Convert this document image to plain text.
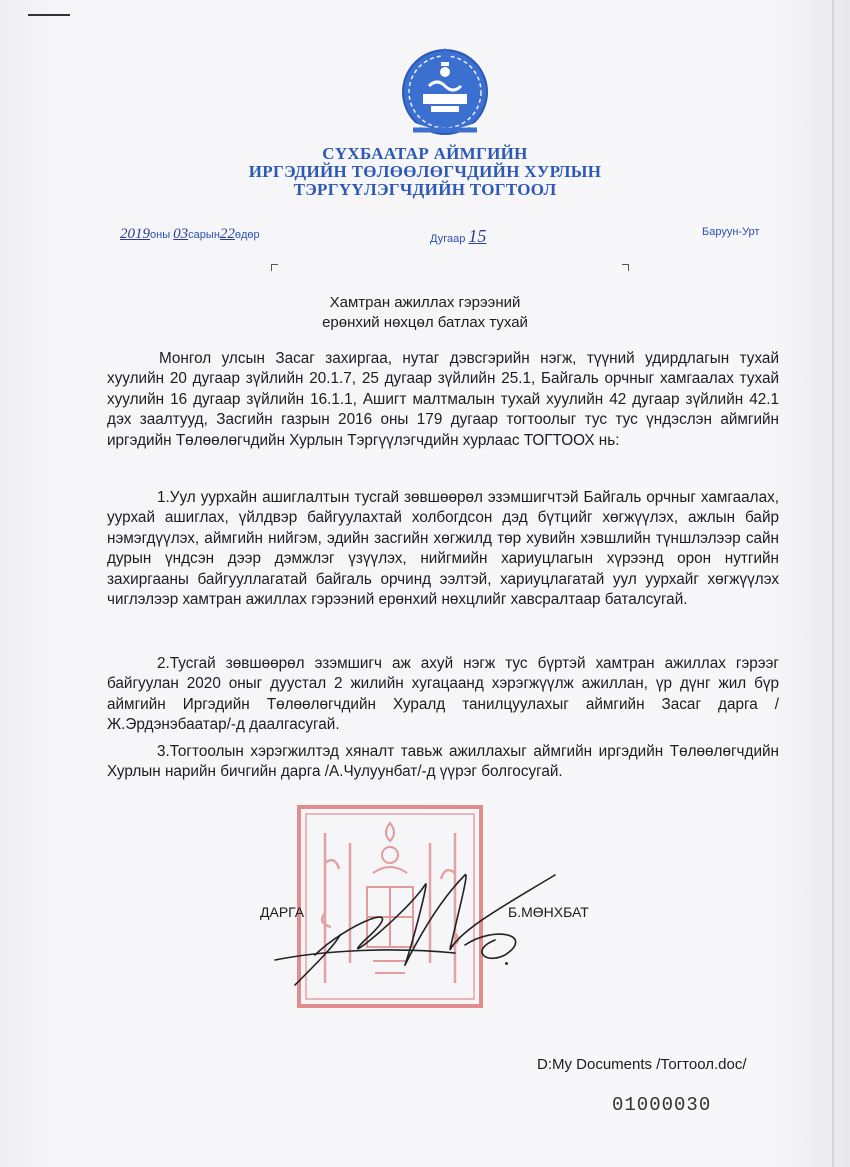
СҮХБААТАР АЙМГИЙН
ИРГЭДИЙН ТӨЛӨӨЛӨГЧДИЙН ХУРЛЫН
ТЭРГҮҮЛЭГЧДИЙН ТОГТООЛ
2019оны 03сарын22өдөр	Дугаар 15	Баруун-Урт
Хамтран ажиллах гэрээний
ерөнхий нөхцөл батлах тухай

Монгол улсын Засаг захиргаа, нутаг дэвсгэрийн нэгж, түүний удирдлагын тухай хуулийн 20 дугаар зүйлийн 20.1.7, 25 дугаар зүйлийн 25.1, Байгаль орчныг хамгаалах тухай хуулийн 16 дугаар зүйлийн 16.1.1, Ашигт малтмалын тухай хуулийн 42 дугаар зүйлийн 42.1 дэх заалтууд, Засгийн газрын 2016 оны 179 дугаар тогтоолыг тус тус үндэслэн аймгийн иргэдийн Төлөөлөгчдийн Хурлын Тэргүүлэгчдийн хурлаас ТОГТООХ нь:

1.Уул уурхайн ашиглалтын тусгай зөвшөөрөл эзэмшигчтэй Байгаль орчныг хамгаалах, уурхай ашиглах, үйлдвэр байгуулахтай холбогдсон дэд бүтцийг хөгжүүлэх, ажлын байр нэмэгдүүлэх, аймгийн нийгэм, эдийн засгийн хөгжилд төр хувийн хэвшлийн түншлэлээр сайн дурын үндсэн дээр дэмжлэг үзүүлэх, нийгмийн хариуцлагын хүрээнд орон нутгийн захиргааны байгууллагатай байгаль орчинд ээлтэй, хариуцлагатай уул уурхайг хөгжүүлэх чиглэлээр хамтран ажиллах гэрээний ерөнхий нөхцлийг хавсралтаар баталсугай.

2.Тусгай зөвшөөрөл эзэмшигч аж ахуй нэгж тус бүртэй хамтран ажиллах гэрээг байгуулан 2020 оныг дуустал 2 жилийн хугацаанд хэрэгжүүлж ажиллан, үр дүнг жил бүр аймгийн Иргэдийн Төлөөлөгчдийн Хуралд танилцуулахыг аймгийн Засаг дарга /Ж.Эрдэнэбаатар/-д даалгасугай.

3.Тогтоолын хэрэгжилтэд хяналт тавьж ажиллахыг аймгийн иргэдийн Төлөөлөгчдийн Хурлын нарийн бичгийн дарга /А.Чулуунбат/-д үүрэг болгосугай.

ДАРГА	Б.МӨНХБАТ
D:My Documents /Тогтоол.doc/
01000030
